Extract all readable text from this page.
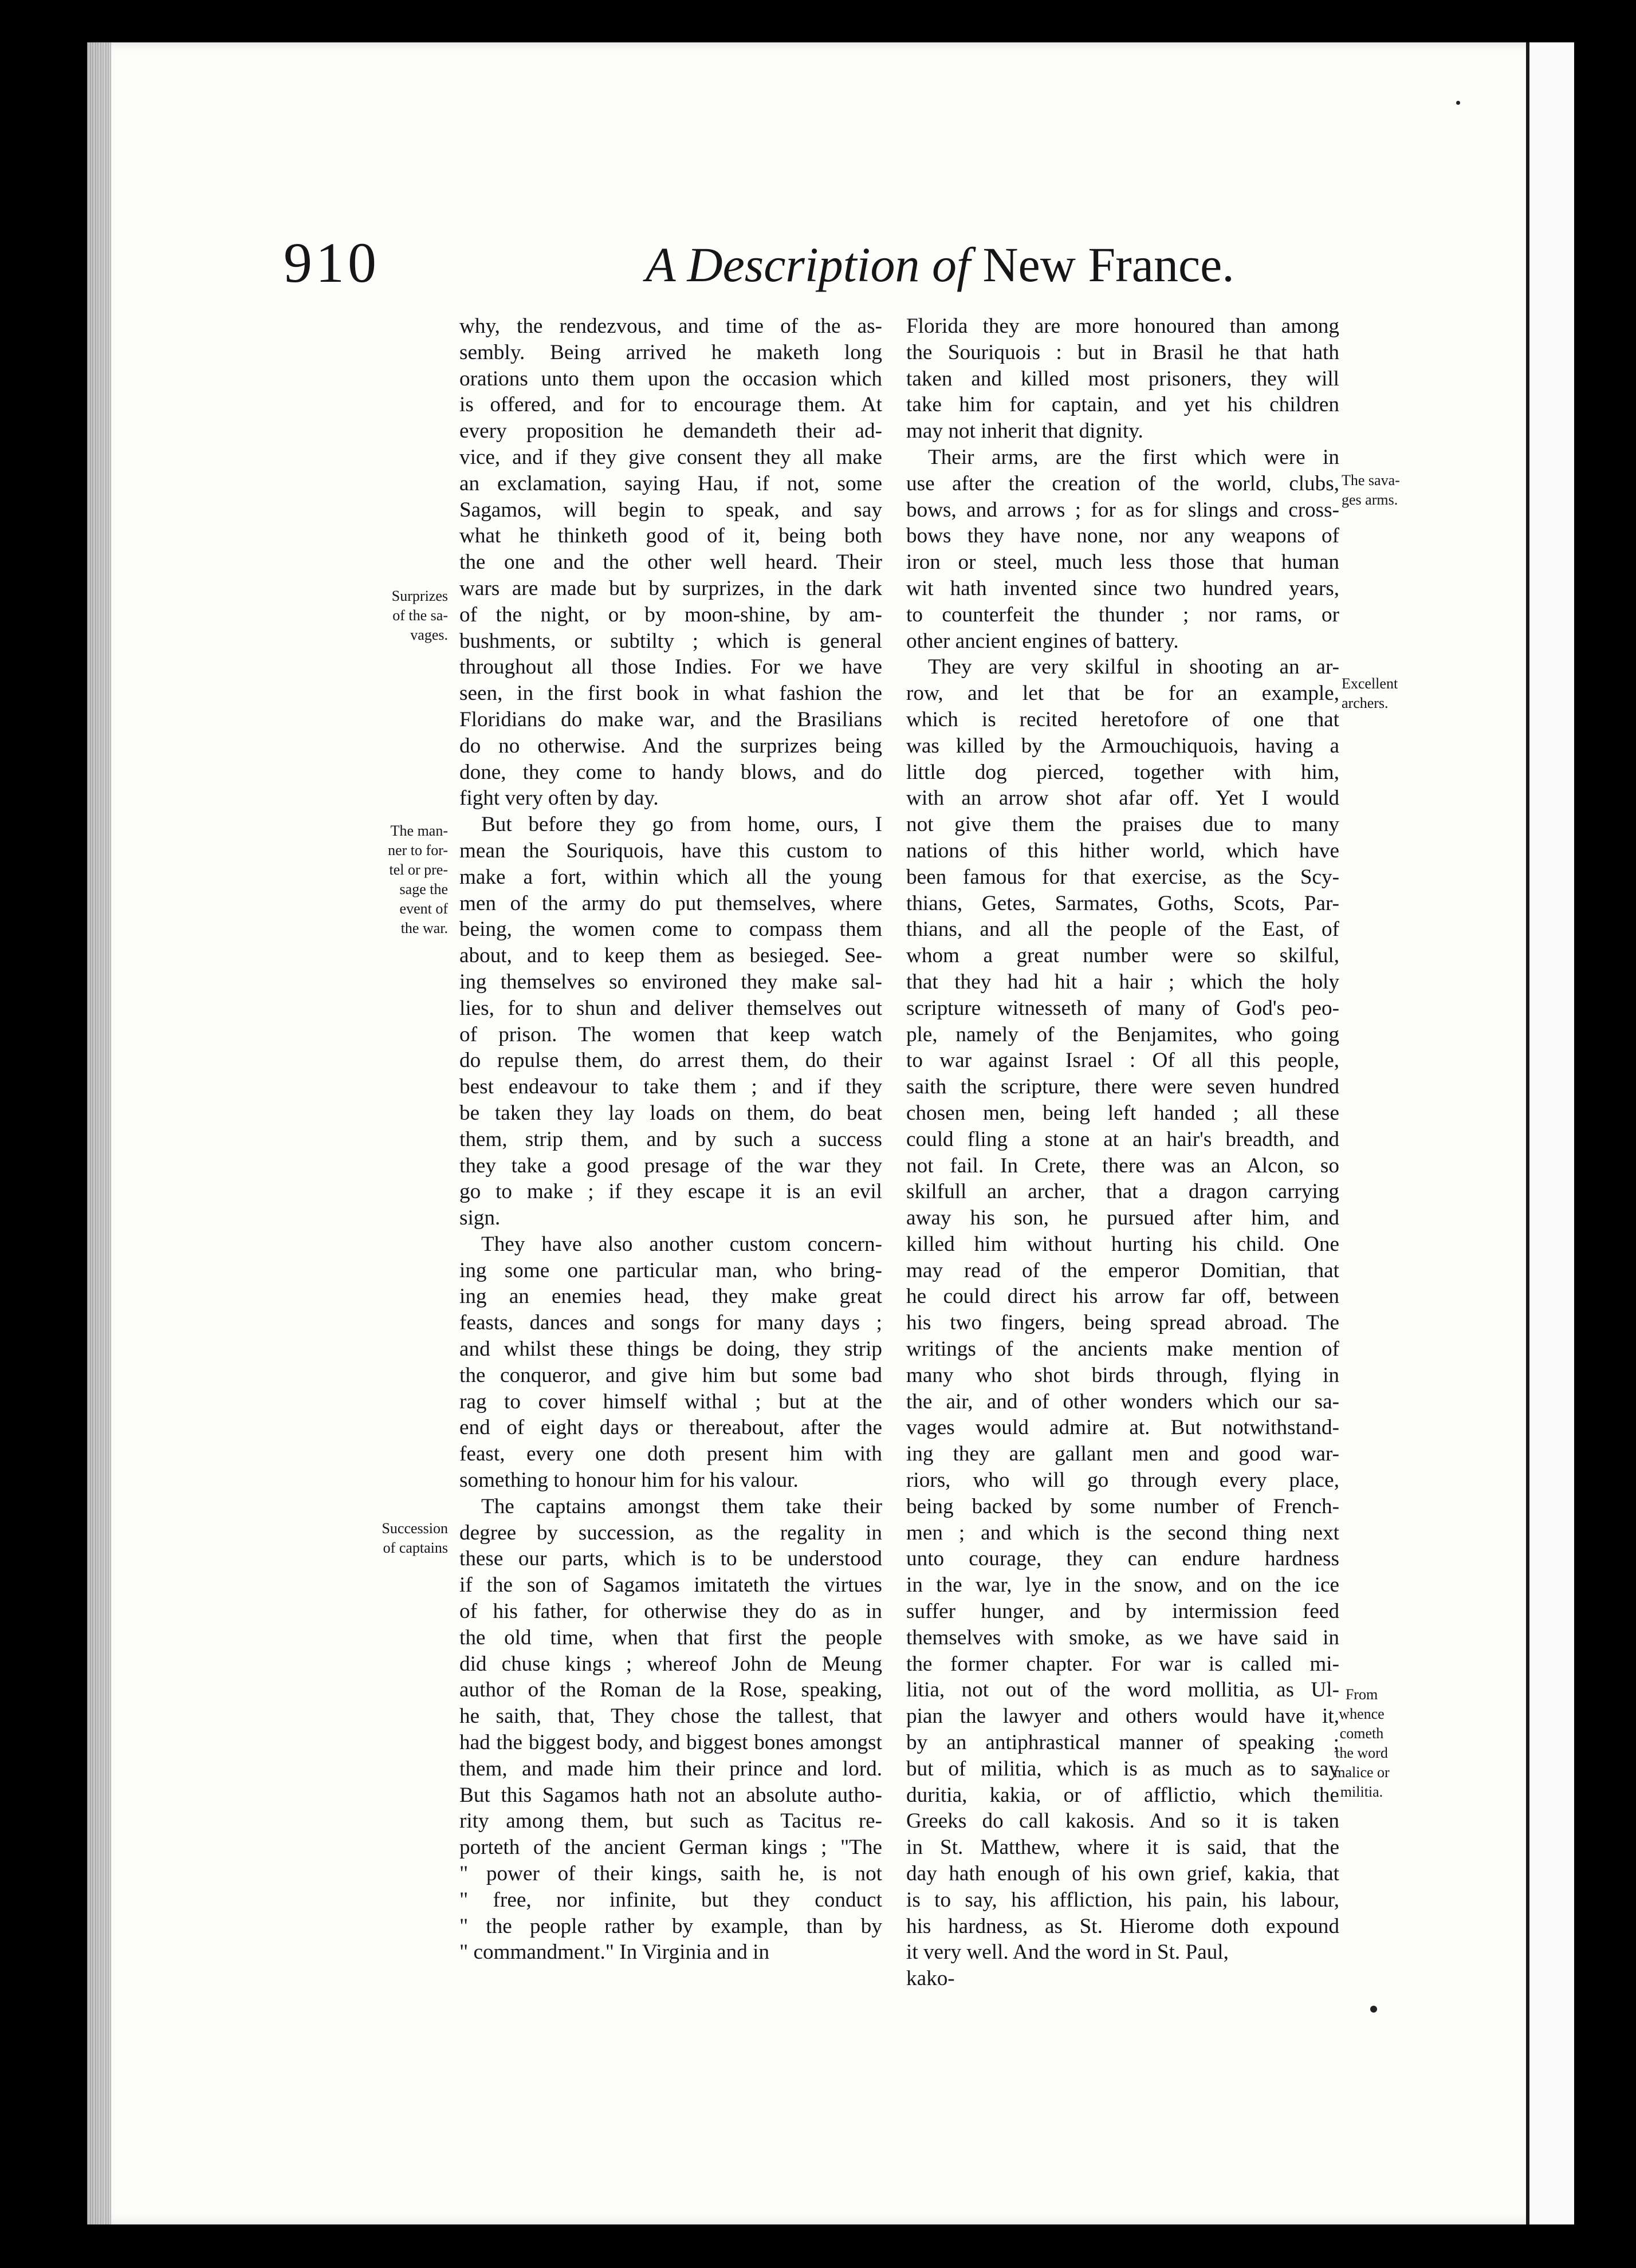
910	A Description of New France.
why, the rendezvous, and time of the as-
sembly. Being arrived he maketh long
orations unto them upon the occasion which
is offered, and for to encourage them. At
every proposition he demandeth their ad-
vice, and if they give consent they all make
an exclamation, saying Hau, if not, some
Sagamos, will begin to speak, and say
what he thinketh good of it, being both
the one and the other well heard. Their
wars are made but by surprizes, in the dark
of the night, or by moon-shine, by am-
bushments, or subtilty ; which is general
throughout all those Indies. For we have
seen, in the first book in what fashion the
Floridians do make war, and the Brasilians
do no otherwise. And the surprizes being
done, they come to handy blows, and do
fight very often by day.
But before they go from home, ours, I
mean the Souriquois, have this custom to
make a fort, within which all the young
men of the army do put themselves, where
being, the women come to compass them
about, and to keep them as besieged. See-
ing themselves so environed they make sal-
lies, for to shun and deliver themselves out
of prison. The women that keep watch
do repulse them, do arrest them, do their
best endeavour to take them ; and if they
be taken they lay loads on them, do beat
them, strip them, and by such a success
they take a good presage of the war they
go to make ; if they escape it is an evil
sign.
They have also another custom concern-
ing some one particular man, who bring-
ing an enemies head, they make great
feasts, dances and songs for many days ;
and whilst these things be doing, they strip
the conqueror, and give him but some bad
rag to cover himself withal ; but at the
end of eight days or thereabout, after the
feast, every one doth present him with
something to honour him for his valour.
The captains amongst them take their
degree by succession, as the regality in
these our parts, which is to be understood
if the son of Sagamos imitateth the virtues
of his father, for otherwise they do as in
the old time, when that first the people
did chuse kings ; whereof John de Meung
author of the Roman de la Rose, speaking,
he saith, that, They chose the tallest, that
had the biggest body, and biggest bones amongst
them, and made him their prince and lord.
But this Sagamos hath not an absolute autho-
rity among them, but such as Tacitus re-
porteth of the ancient German kings ; "The
" power of their kings, saith he, is not
" free, nor infinite, but they conduct
" the people rather by example, than by
" commandment." In Virginia and in
Florida they are more honoured than among
the Souriquois : but in Brasil he that hath
taken and killed most prisoners, they will
take him for captain, and yet his children
may not inherit that dignity.
Their arms, are the first which were in
use after the creation of the world, clubs,
bows, and arrows ; for as for slings and cross-
bows they have none, nor any weapons of
iron or steel, much less those that human
wit hath invented since two hundred years,
to counterfeit the thunder ; nor rams, or
other ancient engines of battery.
They are very skilful in shooting an ar-
row, and let that be for an example,
which is recited heretofore of one that
was killed by the Armouchiquois, having a
little dog pierced, together with him,
with an arrow shot afar off. Yet I would
not give them the praises due to many
nations of this hither world, which have
been famous for that exercise, as the Scy-
thians, Getes, Sarmates, Goths, Scots, Par-
thians, and all the people of the East, of
whom a great number were so skilful,
that they had hit a hair ; which the holy
scripture witnesseth of many of God's peo-
ple, namely of the Benjamites, who going
to war against Israel : Of all this people,
saith the scripture, there were seven hundred
chosen men, being left handed ; all these
could fling a stone at an hair's breadth, and
not fail. In Crete, there was an Alcon, so
skilfull an archer, that a dragon carrying
away his son, he pursued after him, and
killed him without hurting his child. One
may read of the emperor Domitian, that
he could direct his arrow far off, between
his two fingers, being spread abroad. The
writings of the ancients make mention of
many who shot birds through, flying in
the air, and of other wonders which our sa-
vages would admire at. But notwithstand-
ing they are gallant men and good war-
riors, who will go through every place,
being backed by some number of French-
men ; and which is the second thing next
unto courage, they can endure hardness
in the war, lye in the snow, and on the ice
suffer hunger, and by intermission feed
themselves with smoke, as we have said in
the former chapter. For war is called mi-
litia, not out of the word mollitia, as Ul-
pian the lawyer and others would have it,
by an antiphrastical manner of speaking ;
but of militia, which is as much as to say
duritia, kakia, or of afflictio, which the
Greeks do call kakosis. And so it is taken
in St. Matthew, where it is said, that the
day hath enough of his own grief, kakia, that
is to say, his affliction, his pain, his labour,
his hardness, as St. Hierome doth expound
it very well. And the word in St. Paul,
kako-
Surprizes
of the sa-
vages.
The man-
ner to for-
tel or pre-
sage the
event of
the war.
Succession
of captains
The sava-
ges arms.
Excellent
archers.
From
whence
cometh
the word
malice or
militia.
